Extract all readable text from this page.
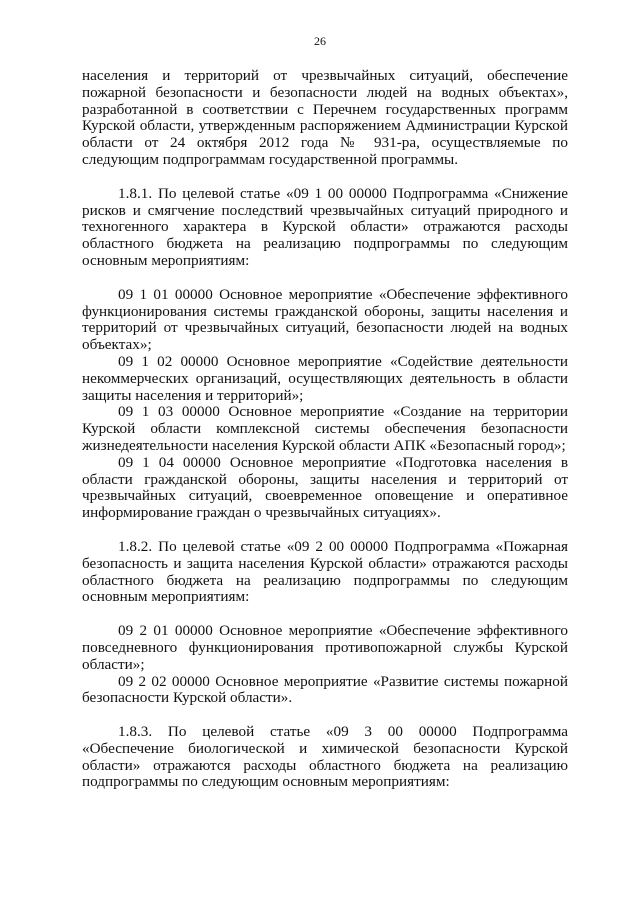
26

населения и территорий от чрезвычайных ситуаций, обеспечение пожарной безопасности и безопасности людей на водных объектах», разработанной в соответствии с Перечнем государственных программ Курской области, утвержденным распоряжением Администрации Курской области от 24 октября 2012 года № 931-ра, осуществляемые по следующим подпрограммам государственной программы.

1.8.1. По целевой статье «09 1 00 00000 Подпрограмма «Снижение рисков и смягчение последствий чрезвычайных ситуаций природного и техногенного характера в Курской области» отражаются расходы областного бюджета на реализацию подпрограммы по следующим основным мероприятиям:

09 1 01 00000 Основное мероприятие «Обеспечение эффективного функционирования системы гражданской обороны, защиты населения и территорий от чрезвычайных ситуаций, безопасности людей на водных объектах»;

09 1 02 00000 Основное мероприятие «Содействие деятельности некоммерческих организаций, осуществляющих деятельность в области защиты населения и территорий»;

09 1 03 00000 Основное мероприятие «Создание на территории Курской области комплексной системы обеспечения безопасности жизнедеятельности населения Курской области АПК «Безопасный город»;

09 1 04 00000 Основное мероприятие «Подготовка населения в области гражданской обороны, защиты населения и территорий от чрезвычайных ситуаций, своевременное оповещение и оперативное информирование граждан о чрезвычайных ситуациях».

1.8.2. По целевой статье «09 2 00 00000 Подпрограмма «Пожарная безопасность и защита населения Курской области» отражаются расходы областного бюджета на реализацию подпрограммы по следующим основным мероприятиям:

09 2 01 00000 Основное мероприятие «Обеспечение эффективного повседневного функционирования противопожарной службы Курской области»;

09 2 02 00000 Основное мероприятие «Развитие системы пожарной безопасности Курской области».

1.8.3. По целевой статье «09 3 00 00000 Подпрограмма «Обеспечение биологической и химической безопасности Курской области» отражаются расходы областного бюджета на реализацию подпрограммы по следующим основным мероприятиям:
